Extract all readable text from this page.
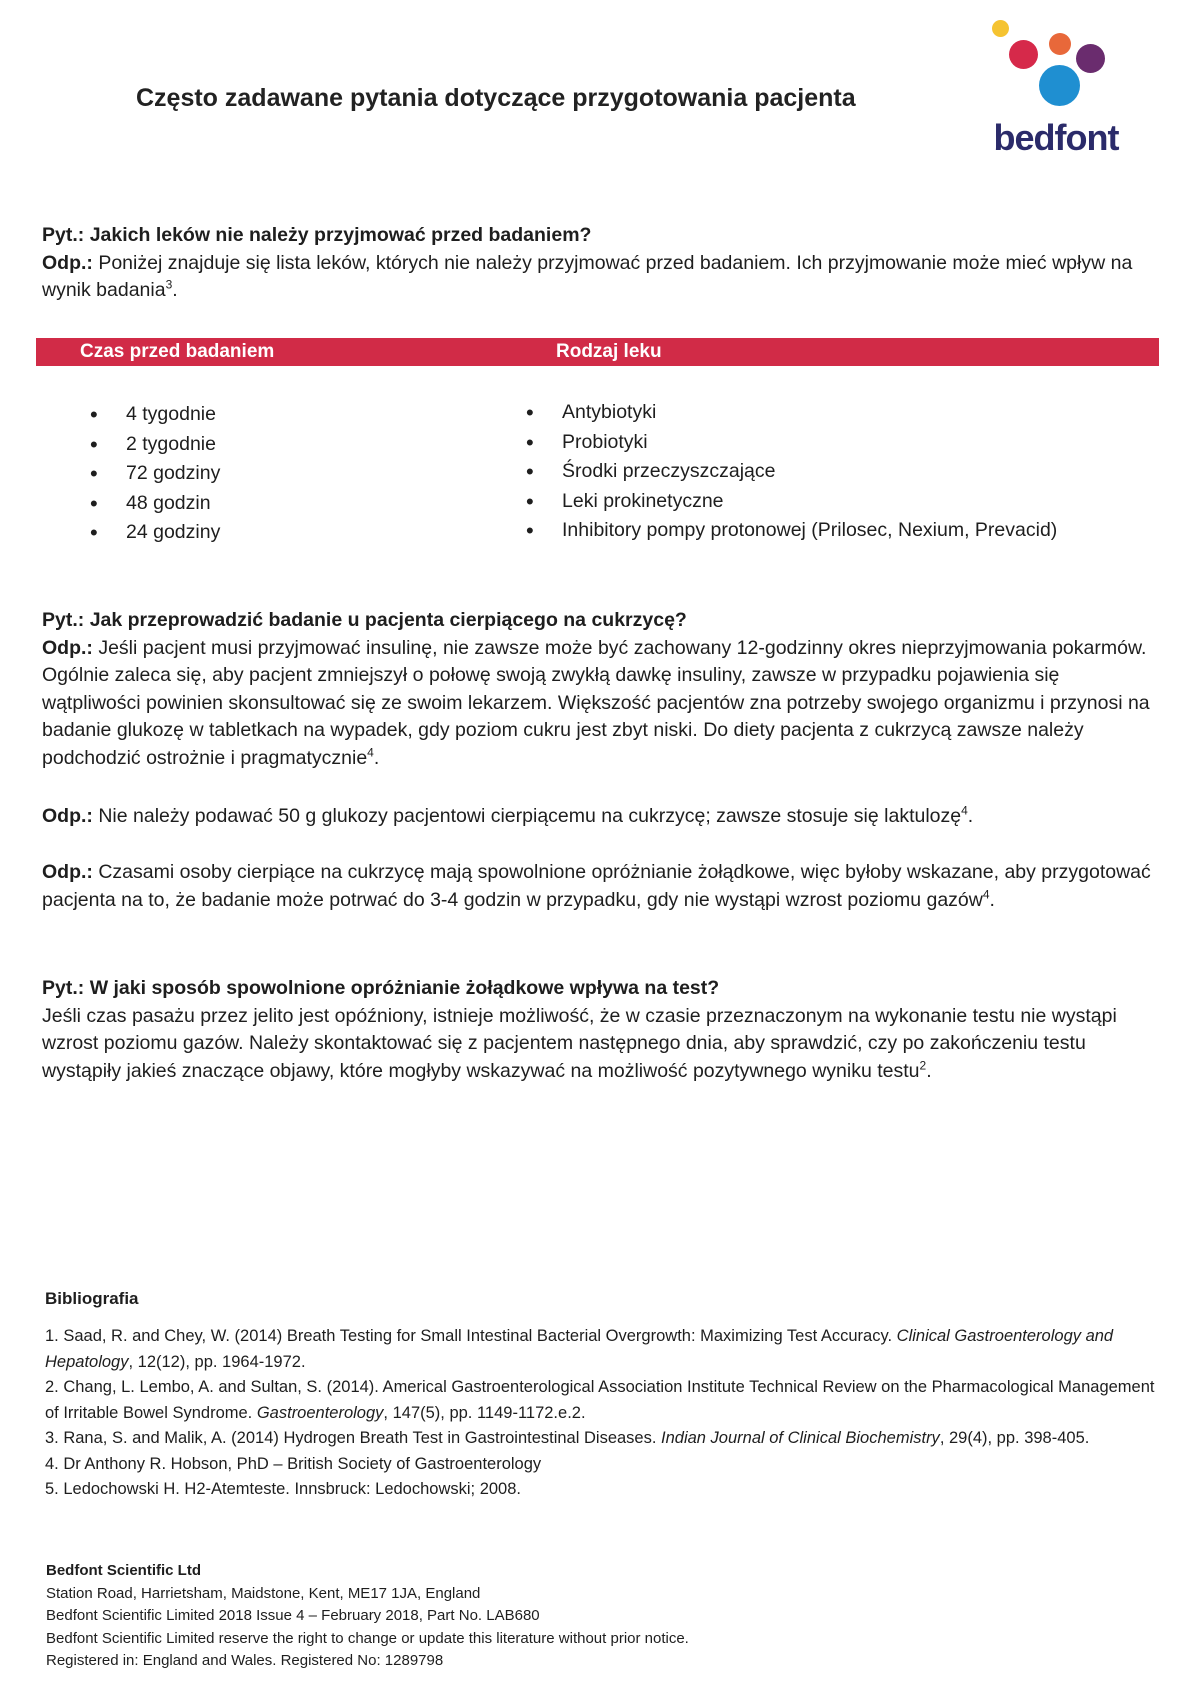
Często zadawane pytania dotyczące przygotowania pacjenta
bedfont
Pyt.: Jakich leków nie należy przyjmować przed badaniem?
Odp.: Poniżej znajduje się lista leków, których nie należy przyjmować przed badaniem. Ich przyjmowanie może mieć wpływ na wynik badania$^3$.
Czas przed badaniem	Rodzaj leku
• 4 tygodnie
• 2 tygodnie
• 72 godziny
• 48 godzin
• 24 godziny
• Antybiotyki
• Probiotyki
• Środki przeczyszczające
• Leki prokinetyczne
• Inhibitory pompy protonowej (Prilosec, Nexium, Prevacid)
Pyt.: Jak przeprowadzić badanie u pacjenta cierpiącego na cukrzycę?
Odp.: Jeśli pacjent musi przyjmować insulinę, nie zawsze może być zachowany 12-godzinny okres nieprzyjmowania pokarmów. Ogólnie zaleca się, aby pacjent zmniejszył o połowę swoją zwykłą dawkę insuliny, zawsze w przypadku pojawienia się wątpliwości powinien skonsultować się ze swoim lekarzem. Większość pacjentów zna potrzeby swojego organizmu i przynosi na badanie glukozę w tabletkach na wypadek, gdy poziom cukru jest zbyt niski. Do diety pacjenta z cukrzycą zawsze należy podchodzić ostrożnie i pragmatycznie$^4$.
Odp.: Nie należy podawać 50 g glukozy pacjentowi cierpiącemu na cukrzycę; zawsze stosuje się laktulozę$^4$.
Odp.: Czasami osoby cierpiące na cukrzycę mają spowolnione opróżnianie żołądkowe, więc byłoby wskazane, aby przygotować pacjenta na to, że badanie może potrwać do 3-4 godzin w przypadku, gdy nie wystąpi wzrost poziomu gazów$^4$.
Pyt.: W jaki sposób spowolnione opróżnianie żołądkowe wpływa na test?
Jeśli czas pasażu przez jelito jest opóźniony, istnieje możliwość, że w czasie przeznaczonym na wykonanie testu nie wystąpi wzrost poziomu gazów. Należy skontaktować się z pacjentem następnego dnia, aby sprawdzić, czy po zakończeniu testu wystąpiły jakieś znaczące objawy, które mogłyby wskazywać na możliwość pozytywnego wyniku testu$^2$.
Bibliografia
1. Saad, R. and Chey, W. (2014) Breath Testing for Small Intestinal Bacterial Overgrowth: Maximizing Test Accuracy. Clinical Gastroenterology and Hepatology, 12(12), pp. 1964-1972.
2. Chang, L. Lembo, A. and Sultan, S. (2014). Americal Gastroenterological Association Institute Technical Review on the Pharmacological Management of Irritable Bowel Syndrome. Gastroenterology, 147(5), pp. 1149-1172.e.2.
3. Rana, S. and Malik, A. (2014) Hydrogen Breath Test in Gastrointestinal Diseases. Indian Journal of Clinical Biochemistry, 29(4), pp. 398-405.
4. Dr Anthony R. Hobson, PhD – British Society of Gastroenterology
5. Ledochowski H. H2-Atemteste. Innsbruck: Ledochowski; 2008.
Bedfont Scientific Ltd
Station Road, Harrietsham, Maidstone, Kent, ME17 1JA, England
Bedfont Scientific Limited 2018 Issue 4 – February 2018, Part No. LAB680
Bedfont Scientific Limited reserve the right to change or update this literature without prior notice.
Registered in: England and Wales. Registered No: 1289798
